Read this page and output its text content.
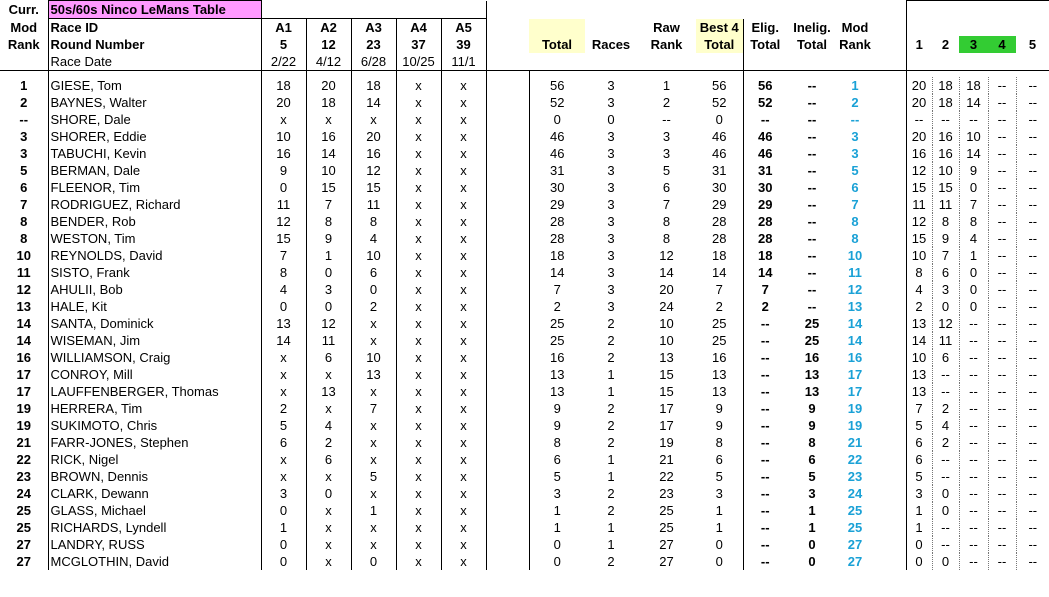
Curr.	50s/60s Ninco LeMans Table																			
Mod	Race ID	A1	A2	A3	A4	A5				Raw	Best 4	Elig.	Inelig.	Mod						
Rank	Round Number	5	12	23	37	39		Total	Races	Rank	Total	Total	Total	Rank		1	2	3	4	5
	Race Date	2/22	4/12	6/28	10/25	11/1														

1	GIESE, Tom	18	20	18	x	x		56	3	1	56	56	--	1		20	18	18	--	--
2	BAYNES, Walter	20	18	14	x	x		52	3	2	52	52	--	2		20	18	14	--	--
--	SHORE, Dale	x	x	x	x	x		0	0	--	0	--	--	--		--	--	--	--	--
3	SHORER, Eddie	10	16	20	x	x		46	3	3	46	46	--	3		20	16	10	--	--
3	TABUCHI, Kevin	16	14	16	x	x		46	3	3	46	46	--	3		16	16	14	--	--
5	BERMAN, Dale	9	10	12	x	x		31	3	5	31	31	--	5		12	10	9	--	--
6	FLEENOR, Tim	0	15	15	x	x		30	3	6	30	30	--	6		15	15	0	--	--
7	RODRIGUEZ, Richard	11	7	11	x	x		29	3	7	29	29	--	7		11	11	7	--	--
8	BENDER, Rob	12	8	8	x	x		28	3	8	28	28	--	8		12	8	8	--	--
8	WESTON, Tim	15	9	4	x	x		28	3	8	28	28	--	8		15	9	4	--	--
10	REYNOLDS, David	7	1	10	x	x		18	3	12	18	18	--	10		10	7	1	--	--
11	SISTO, Frank	8	0	6	x	x		14	3	14	14	14	--	11		8	6	0	--	--
12	AHULII, Bob	4	3	0	x	x		7	3	20	7	7	--	12		4	3	0	--	--
13	HALE, Kit	0	0	2	x	x		2	3	24	2	2	--	13		2	0	0	--	--
14	SANTA, Dominick	13	12	x	x	x		25	2	10	25	--	25	14		13	12	--	--	--
14	WISEMAN, Jim	14	11	x	x	x		25	2	10	25	--	25	14		14	11	--	--	--
16	WILLIAMSON, Craig	x	6	10	x	x		16	2	13	16	--	16	16		10	6	--	--	--
17	CONROY, Mill	x	x	13	x	x		13	1	15	13	--	13	17		13	--	--	--	--
17	LAUFFENBERGER, Thomas	x	13	x	x	x		13	1	15	13	--	13	17		13	--	--	--	--
19	HERRERA, Tim	2	x	7	x	x		9	2	17	9	--	9	19		7	2	--	--	--
19	SUKIMOTO, Chris	5	4	x	x	x		9	2	17	9	--	9	19		5	4	--	--	--
21	FARR-JONES, Stephen	6	2	x	x	x		8	2	19	8	--	8	21		6	2	--	--	--
22	RICK, Nigel	x	6	x	x	x		6	1	21	6	--	6	22		6	--	--	--	--
23	BROWN, Dennis	x	x	5	x	x		5	1	22	5	--	5	23		5	--	--	--	--
24	CLARK, Dewann	3	0	x	x	x		3	2	23	3	--	3	24		3	0	--	--	--
25	GLASS, Michael	0	x	1	x	x		1	2	25	1	--	1	25		1	0	--	--	--
25	RICHARDS, Lyndell	1	x	x	x	x		1	1	25	1	--	1	25		1	--	--	--	--
27	LANDRY, RUSS	0	x	x	x	x		0	1	27	0	--	0	27		0	--	--	--	--
27	MCGLOTHIN, David	0	x	0	x	x		0	2	27	0	--	0	27		0	0	--	--	--
